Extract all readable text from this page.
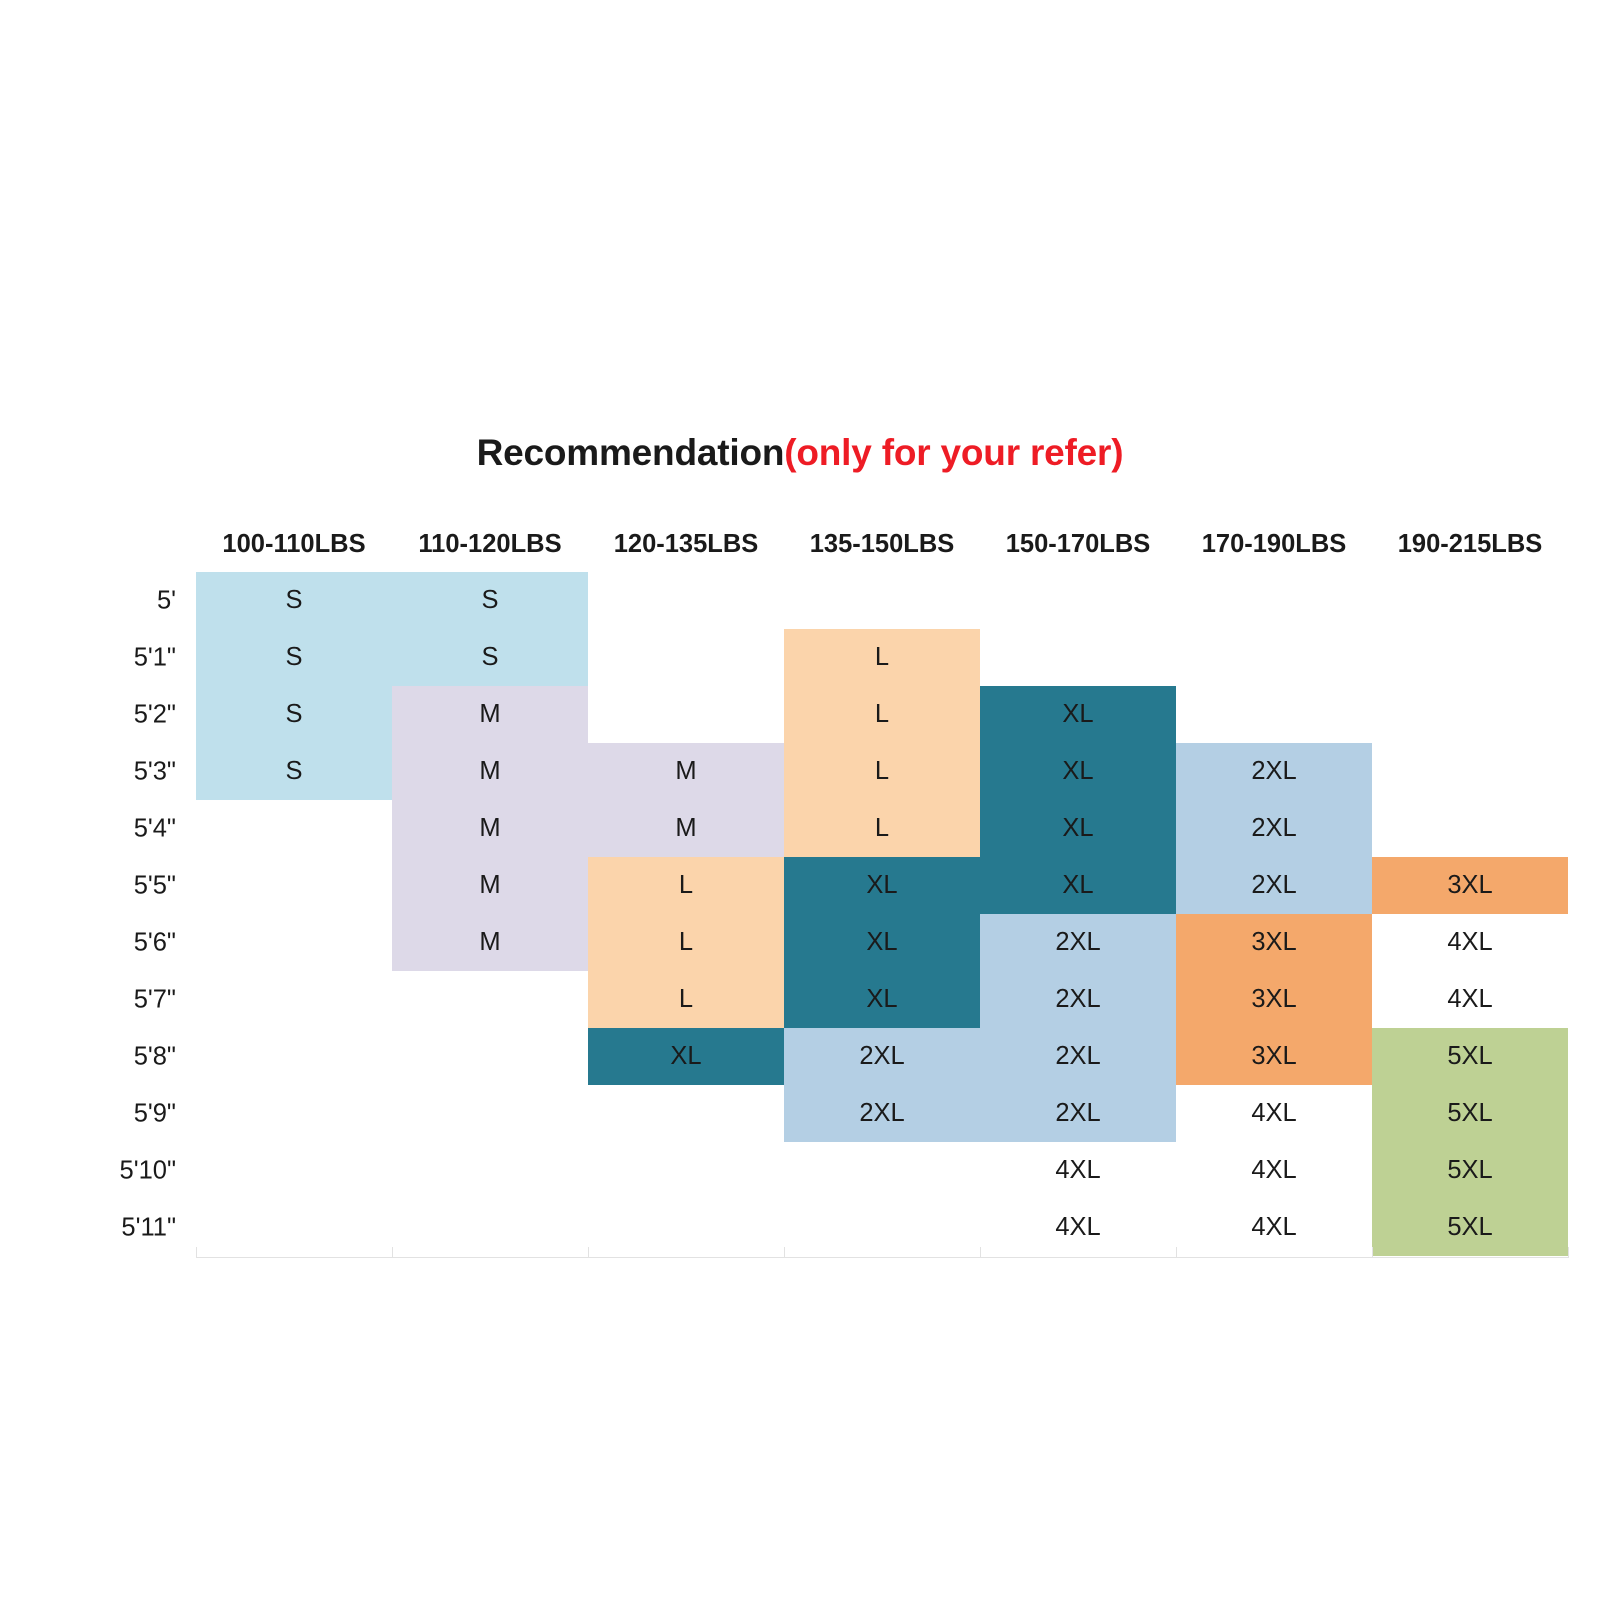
Recommendation(only for your refer)
	100-110LBS	110-120LBS	120-135LBS	135-150LBS	150-170LBS	170-190LBS	190-215LBS

5'	S	S					

5'1"	S	S		L			

5'2"	S	M		L	XL		

5'3"	S	M	M	L	XL	2XL	

5'4"		M	M	L	XL	2XL	

5'5"		M	L	XL	XL	2XL	3XL

5'6"		M	L	XL	2XL	3XL	4XL

5'7"			L	XL	2XL	3XL	4XL

5'8"			XL	2XL	2XL	3XL	5XL

5'9"				2XL	2XL	4XL	5XL

5'10"					4XL	4XL	5XL

5'11"					4XL	4XL	5XL
